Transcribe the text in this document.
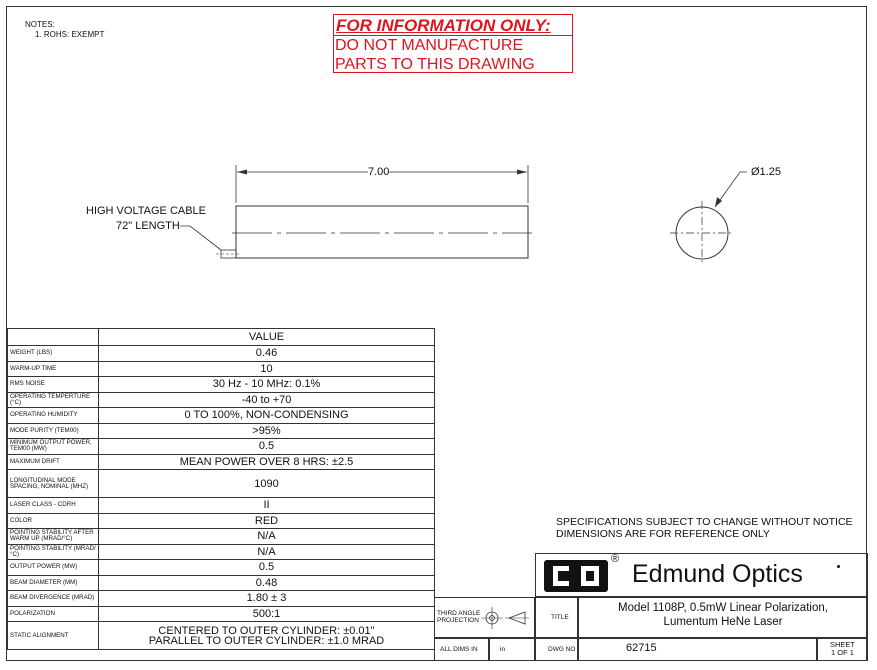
NOTES:
1. ROHS: EXEMPT	FOR INFORMATION ONLY:
DO NOT MANUFACTURE
PARTS TO THIS DRAWING
7.00	Ø1.25
HIGH VOLTAGE CABLE
72" LENGTH
	VALUE
WEIGHT (LBS)	0.46
WARM-UP TIME	10
RMS NOISE	30 Hz - 10 MHz: 0.1%
OPERATING TEMPERTURE (°C)	-40 to +70
OPERATING HUMIDITY	0 TO 100%, NON-CONDENSING
MODE PURITY (TEM00)	>95%
MINIMUM OUTPUT POWER, TEM00 (MW)	0.5
MAXIMUM DRIFT	MEAN POWER OVER 8 HRS: ±2.5
LONGITUDINAL MODE SPACING, NOMINAL (MHZ)	1090
LASER CLASS - CDRH	II
COLOR	RED
POINTING STABILITY AFTER WARM UP (MRAD/°C)	N/A
POINTING STABILITY (MRAD/°C)	N/A
OUTPUT POWER (MW)	0.5
BEAM DIAMETER (MM)	0.48
BEAM DIVERGENCE (MRAD)	1.80 ± 3
POLARIZATION	500:1
STATIC ALIGNMENT	CENTERED TO OUTER CYLINDER: ±0.01"
PARALLEL TO OUTER CYLINDER: ±1.0 MRAD
SPECIFICATIONS SUBJECT TO CHANGE WITHOUT NOTICE
DIMENSIONS ARE FOR REFERENCE ONLY
®
Edmund Optics
THIRD ANGLE
PROJECTION	TITLE
Model 1108P, 0.5mW Linear Polarization,
Lumentum HeNe Laser
ALL DIMS IN	in	DWG NO	62715	SHEET
1 OF 1
